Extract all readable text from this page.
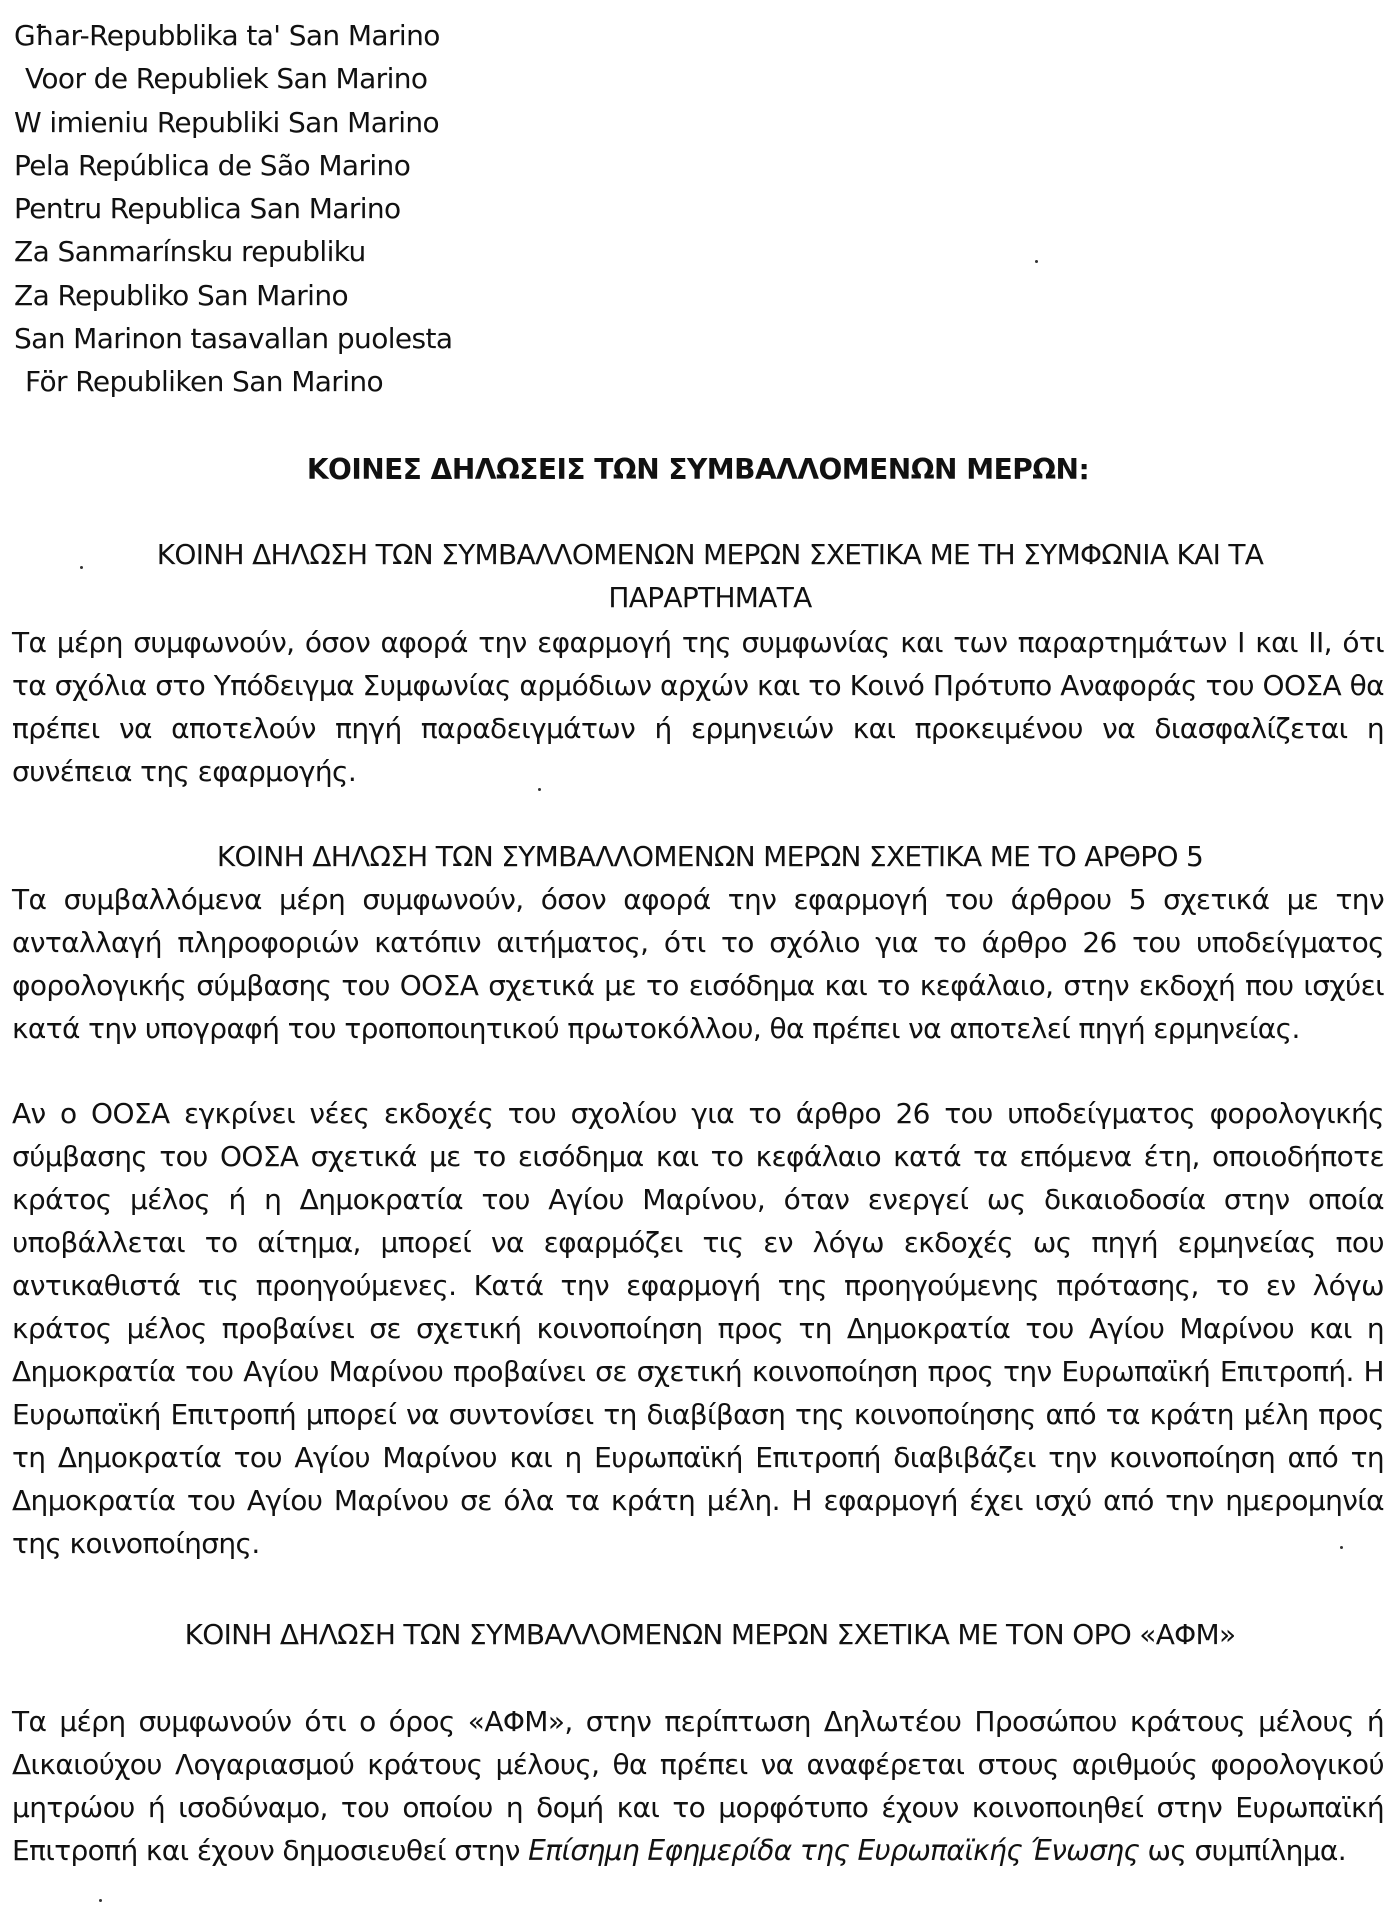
Għar-Repubblika ta' San Marino
Voor de Republiek San Marino
W imieniu Republiki San Marino
Pela República de São Marino
Pentru Republica San Marino
Za Sanmarínsku republiku
Za Republiko San Marino
San Marinon tasavallan puolesta
För Republiken San Marino
ΚΟΙΝΕΣ ΔΗΛΩΣΕΙΣ ΤΩΝ ΣΥΜΒΑΛΛΟΜΕΝΩΝ ΜΕΡΩΝ:
ΚΟΙΝΗ ΔΗΛΩΣΗ ΤΩΝ ΣΥΜΒΑΛΛΟΜΕΝΩΝ ΜΕΡΩΝ ΣΧΕΤΙΚΑ ΜΕ ΤΗ ΣΥΜΦΩΝΙΑ ΚΑΙ ΤΑ
ΠΑΡΑΡΤΗΜΑΤΑ

Τα μέρη συμφωνούν, όσον αφορά την εφαρμογή της συμφωνίας και των παραρτημάτων I και II, ότι τα σχόλια στο Υπόδειγμα Συμφωνίας αρμόδιων αρχών και το Κοινό Πρότυπο Αναφοράς του ΟΟΣΑ θα πρέπει να αποτελούν πηγή παραδειγμάτων ή ερμηνειών και προκειμένου να διασφαλίζεται η συνέπεια της εφαρμογής.

ΚΟΙΝΗ ΔΗΛΩΣΗ ΤΩΝ ΣΥΜΒΑΛΛΟΜΕΝΩΝ ΜΕΡΩΝ ΣΧΕΤΙΚΑ ΜΕ ΤΟ ΑΡΘΡΟ 5

Τα συμβαλλόμενα μέρη συμφωνούν, όσον αφορά την εφαρμογή του άρθρου 5 σχετικά με την ανταλλαγή πληροφοριών κατόπιν αιτήματος, ότι το σχόλιο για το άρθρο 26 του υποδείγματος φορολογικής σύμβασης του ΟΟΣΑ σχετικά με το εισόδημα και το κεφάλαιο, στην εκδοχή που ισχύει κατά την υπογραφή του τροποποιητικού πρωτοκόλλου, θα πρέπει να αποτελεί πηγή ερμηνείας.

Αν ο ΟΟΣΑ εγκρίνει νέες εκδοχές του σχολίου για το άρθρο 26 του υποδείγματος φορολογικής σύμβασης του ΟΟΣΑ σχετικά με το εισόδημα και το κεφάλαιο κατά τα επόμενα έτη, οποιοδήποτε κράτος μέλος ή η Δημοκρατία του Αγίου Μαρίνου, όταν ενεργεί ως δικαιοδοσία στην οποία υποβάλλεται το αίτημα, μπορεί να εφαρμόζει τις εν λόγω εκδοχές ως πηγή ερμηνείας που αντικαθιστά τις προηγούμενες. Κατά την εφαρμογή της προηγούμενης πρότασης, το εν λόγω κράτος μέλος προβαίνει σε σχετική κοινοποίηση προς τη Δημοκρατία του Αγίου Μαρίνου και η Δημοκρατία του Αγίου Μαρίνου προβαίνει σε σχετική κοινοποίηση προς την Ευρωπαϊκή Επιτροπή. Η Ευρωπαϊκή Επιτροπή μπορεί να συντονίσει τη διαβίβαση της κοινοποίησης από τα κράτη μέλη προς τη Δημοκρατία του Αγίου Μαρίνου και η Ευρωπαϊκή Επιτροπή διαβιβάζει την κοινοποίηση από τη Δημοκρατία του Αγίου Μαρίνου σε όλα τα κράτη μέλη. Η εφαρμογή έχει ισχύ από την ημερομηνία της κοινοποίησης.

ΚΟΙΝΗ ΔΗΛΩΣΗ ΤΩΝ ΣΥΜΒΑΛΛΟΜΕΝΩΝ ΜΕΡΩΝ ΣΧΕΤΙΚΑ ΜΕ ΤΟΝ ΟΡΟ «ΑΦΜ»

Τα μέρη συμφωνούν ότι ο όρος «ΑΦΜ», στην περίπτωση Δηλωτέου Προσώπου κράτους μέλους ή Δικαιούχου Λογαριασμού κράτους μέλους, θα πρέπει να αναφέρεται στους αριθμούς φορολογικού μητρώου ή ισοδύναμο, του οποίου η δομή και το μορφότυπο έχουν κοινοποιηθεί στην Ευρωπαϊκή Επιτροπή και έχουν δημοσιευθεί στην Επίσημη Εφημερίδα της Ευρωπαϊκής Ένωσης ως συμπίλημα.
